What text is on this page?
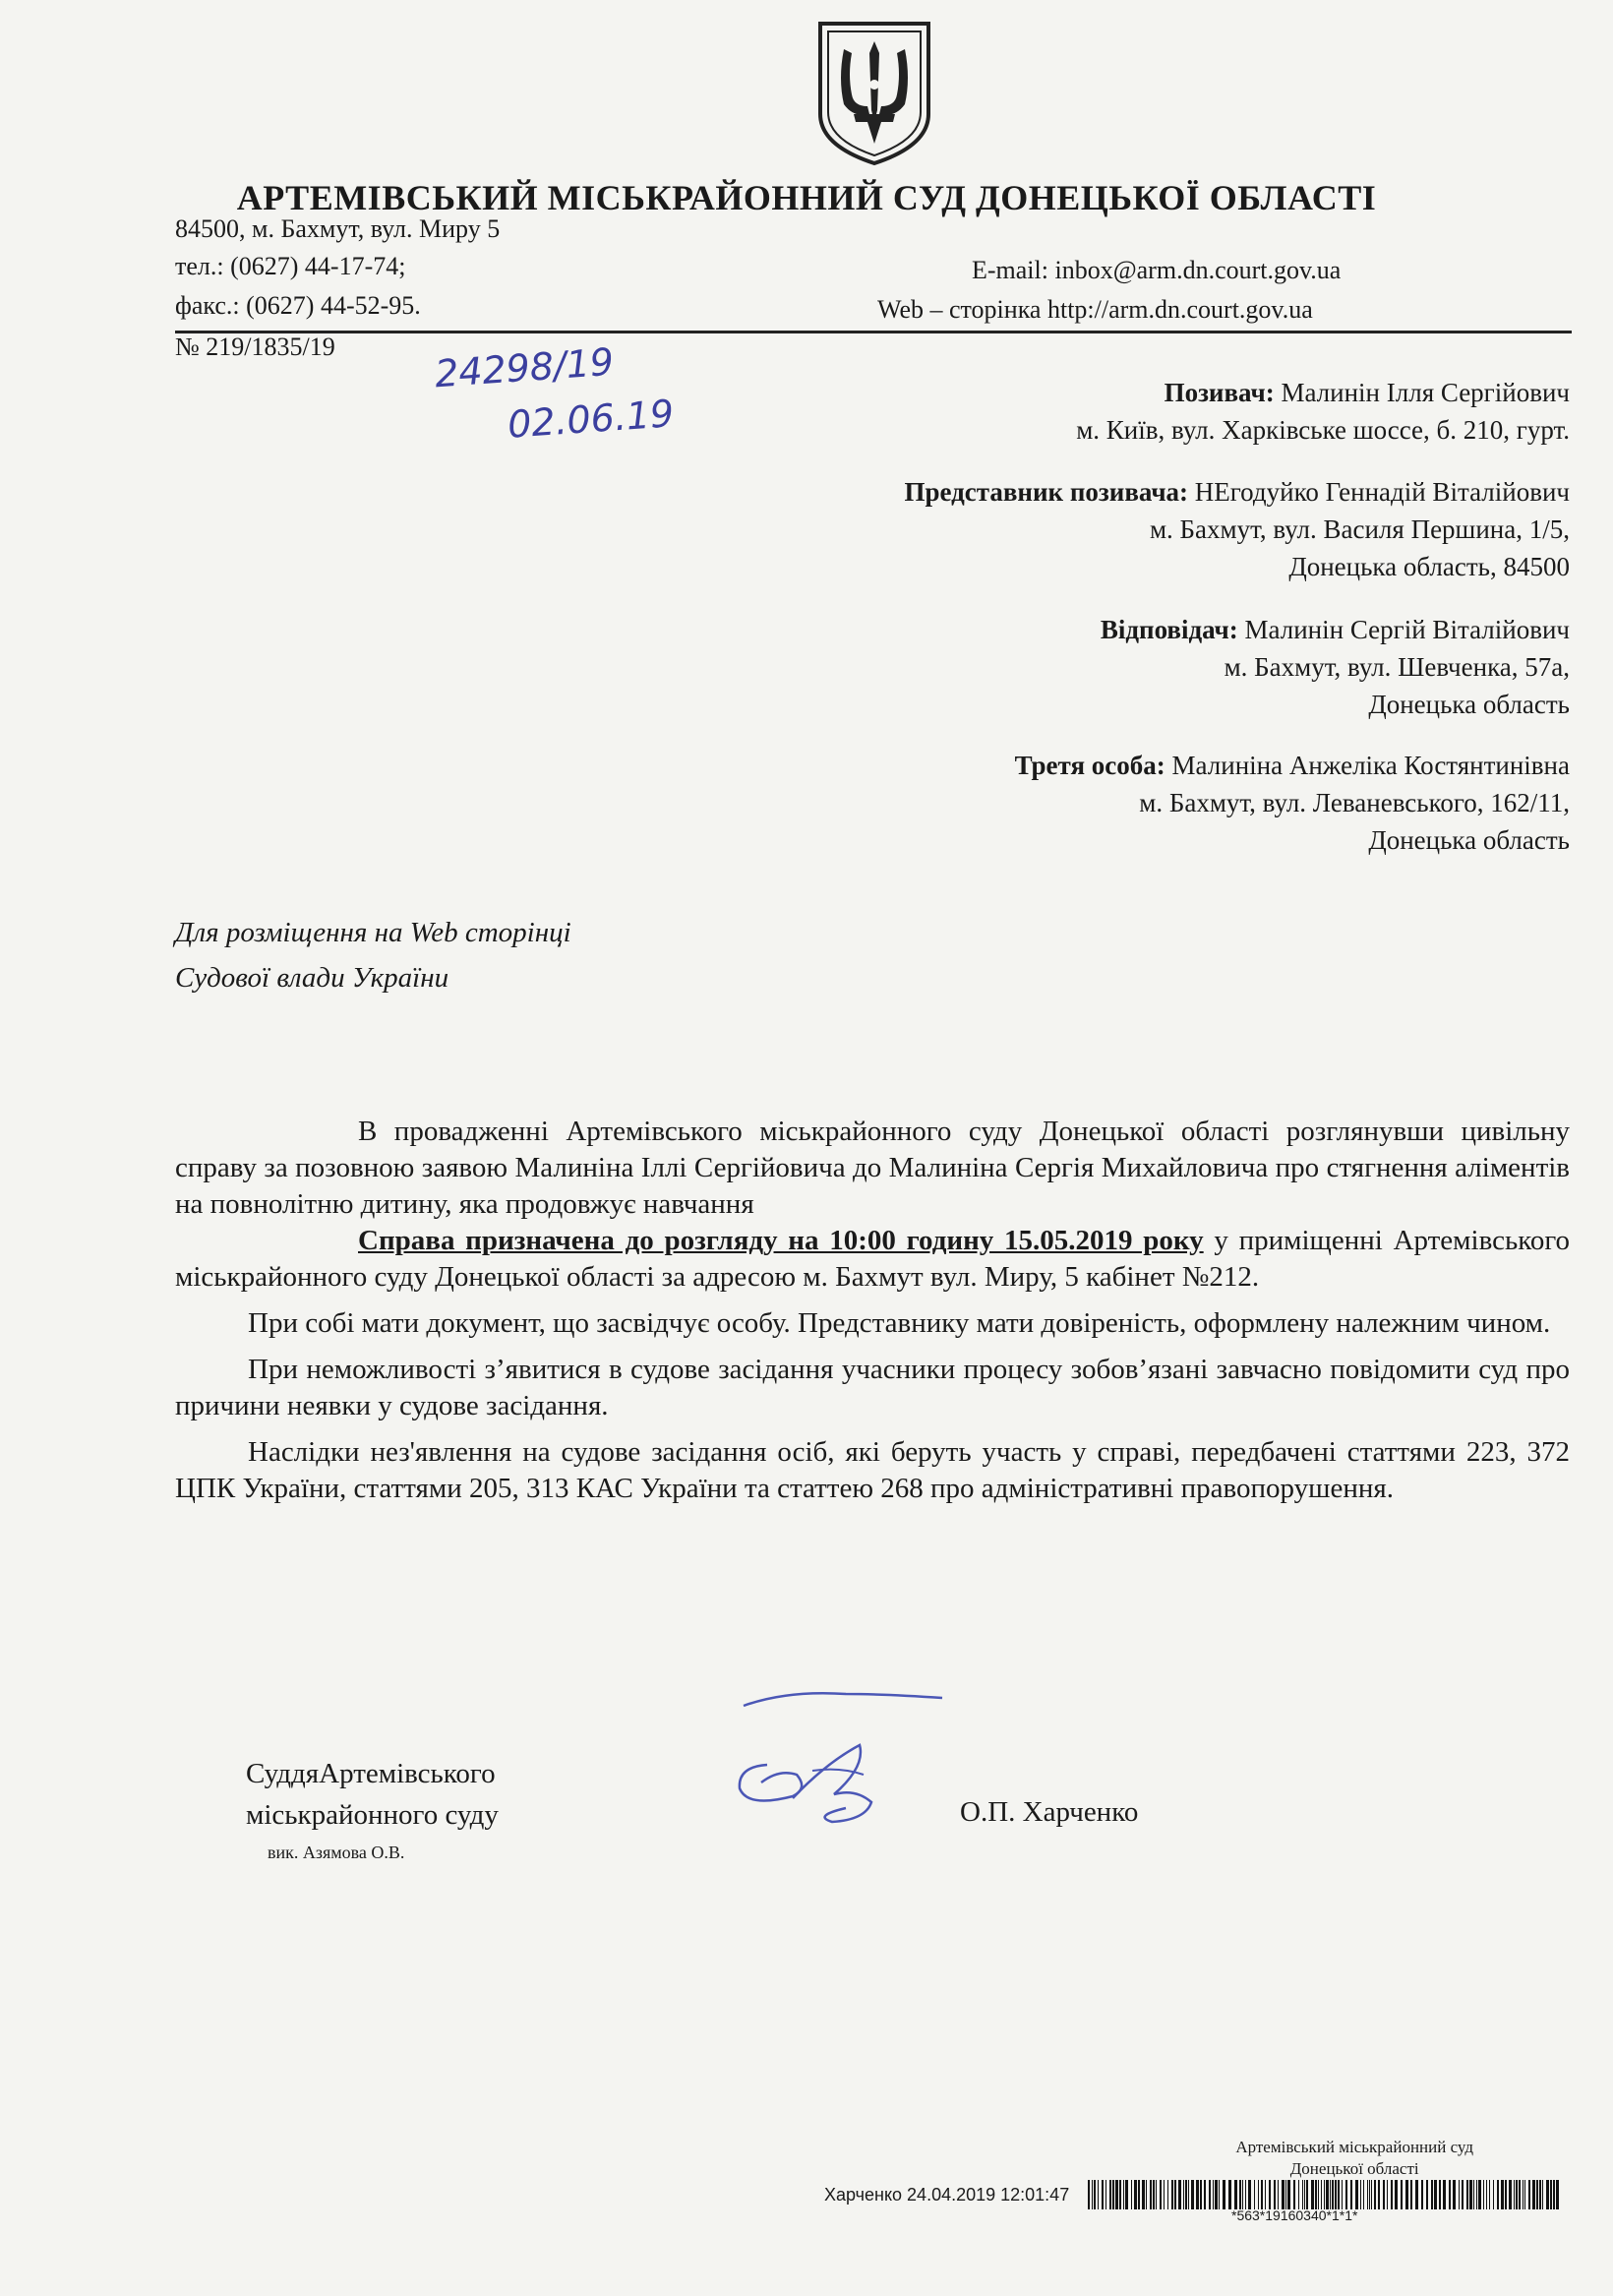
АРТЕМІВСЬКИЙ МІСЬКРАЙОННИЙ СУД ДОНЕЦЬКОЇ ОБЛАСТІ
84500, м. Бахмут, вул. Миру 5
тел.: (0627) 44-17-74;
факс.: (0627) 44-52-95.
E-mail: inbox@arm.dn.court.gov.ua
Web – сторінка http://arm.dn.court.gov.ua
№ 219/1835/19	24298/19
02.06.19	Позивач: Малинін Ілля Сергійович
м. Київ, вул. Харківське шоссе, б. 210, гурт.
Представник позивача: НЕгодуйко Геннадій Віталійович
м. Бахмут, вул. Василя Першина, 1/5,
Донецька область, 84500
Відповідач: Малинін Сергій Віталійович
м. Бахмут, вул. Шевченка, 57а,
Донецька область
Третя особа: Малиніна Анжеліка Костянтинівна
м. Бахмут, вул. Леваневського, 162/11,
Донецька область
Для розміщення на Web сторінці
Судової влади України

В провадженні Артемівського міськрайонного суду Донецької області розглянувши цивільну справу за позовною заявою Малиніна Іллі Сергійовича до Малиніна Сергія Михайловича про стягнення аліментів на повнолітню дитину, яка продовжує навчання

Справа призначена до розгляду на 10:00 годину 15.05.2019 року у приміщенні Артемівського міськрайонного суду Донецької області за адресою м. Бахмут вул. Миру, 5 кабінет №212.

При собі мати документ, що засвідчує особу. Представнику мати довіреність, оформлену належним чином.

При неможливості з’явитися в судове засідання учасники процесу зобов’язані завчасно повідомити суд про причини неявки у судове засідання.

Наслідки нез'явлення на судове засідання осіб, які беруть участь у справі, передбачені статтями 223, 372 ЦПК України, статтями 205, 313 КАС України та статтею 268 про адміністративні правопорушення.

СуддяАртемівського
міськрайонного суду
вик. Азямова О.В.
О.П. Харченко
Артемівський міськрайонний суд
Донецької області
Харченко 24.04.2019 12:01:47
*563*19160340*1*1*
